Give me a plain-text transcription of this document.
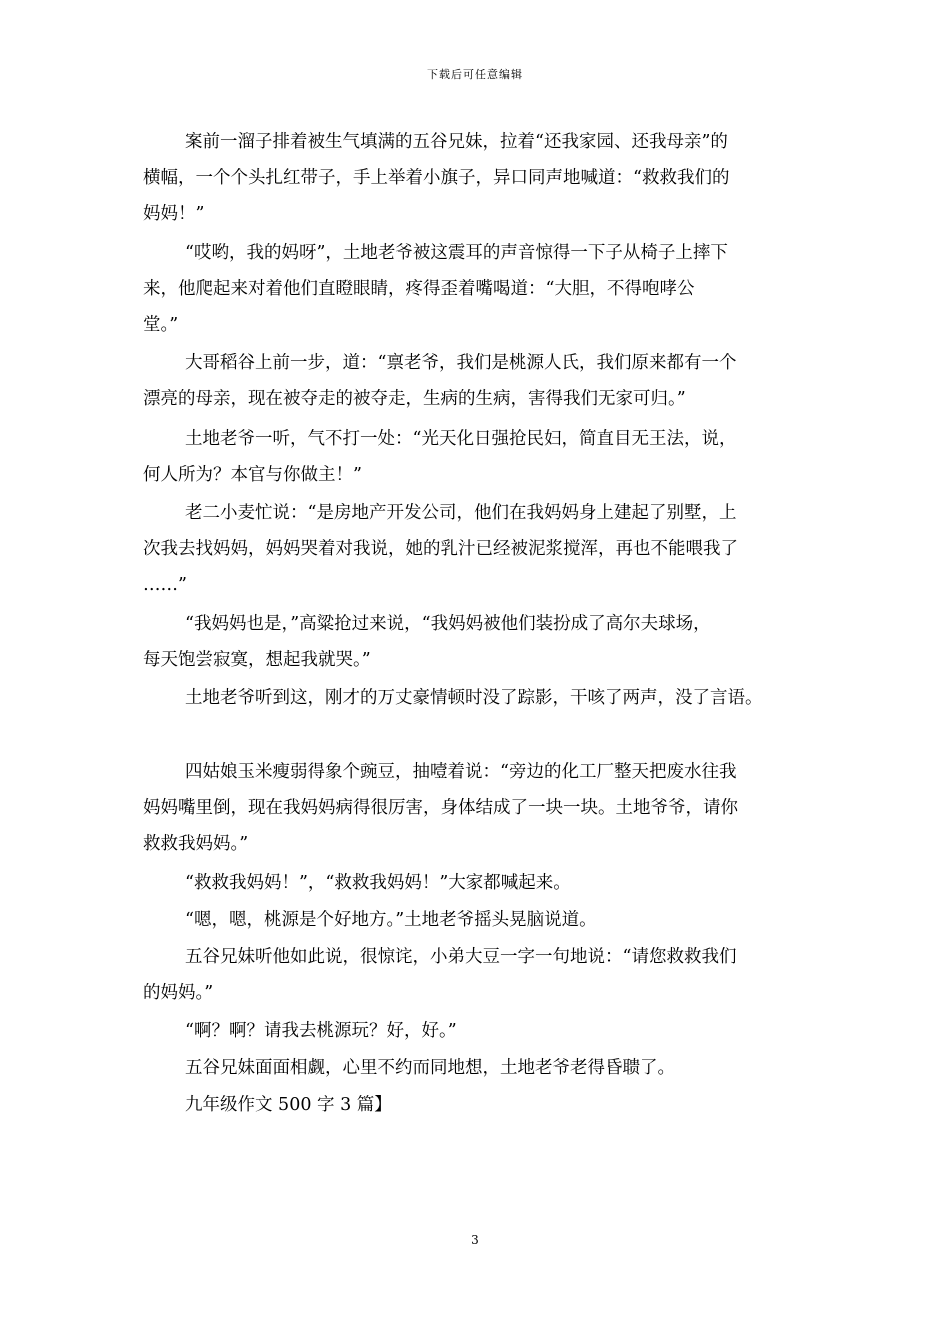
下载后可任意编辑
案前一溜子排着被生气填满的五谷兄妹，拉着“还我家园、还我母亲”的
横幅，一个个头扎红带子，手上举着小旗子，异口同声地喊道：“救救我们的
妈妈！”
“哎哟，我的妈呀”，土地老爷被这震耳的声音惊得一下子从椅子上摔下
来，他爬起来对着他们直瞪眼睛，疼得歪着嘴喝道：“大胆，不得咆哮公
堂。”
大哥稻谷上前一步，道：“禀老爷，我们是桃源人氏，我们原来都有一个
漂亮的母亲，现在被夺走的被夺走，生病的生病，害得我们无家可归。”
土地老爷一听，气不打一处：“光天化日强抢民妇，简直目无王法，说，
何人所为？本官与你做主！”
老二小麦忙说：“是房地产开发公司，他们在我妈妈身上建起了别墅，上
次我去找妈妈，妈妈哭着对我说，她的乳汁已经被泥浆搅浑，再也不能喂我了
……”
“我妈妈也是，”高粱抢过来说，“我妈妈被他们装扮成了高尔夫球场，
每天饱尝寂寞，想起我就哭。”
土地老爷听到这，刚才的万丈豪情顿时没了踪影，干咳了两声，没了言语。
四姑娘玉米瘦弱得象个豌豆，抽噎着说：“旁边的化工厂整天把废水往我
妈妈嘴里倒，现在我妈妈病得很厉害，身体结成了一块一块。土地爷爷，请你
救救我妈妈。”
“救救我妈妈！”，“救救我妈妈！”大家都喊起来。
“嗯，嗯，桃源是个好地方。”土地老爷摇头晃脑说道。
五谷兄妹听他如此说，很惊诧，小弟大豆一字一句地说：“请您救救我们
的妈妈。”
“啊？啊？请我去桃源玩？好，好。”
五谷兄妹面面相觑，心里不约而同地想，土地老爷老得昏聩了。
九年级作文 500 字 3 篇】
3
